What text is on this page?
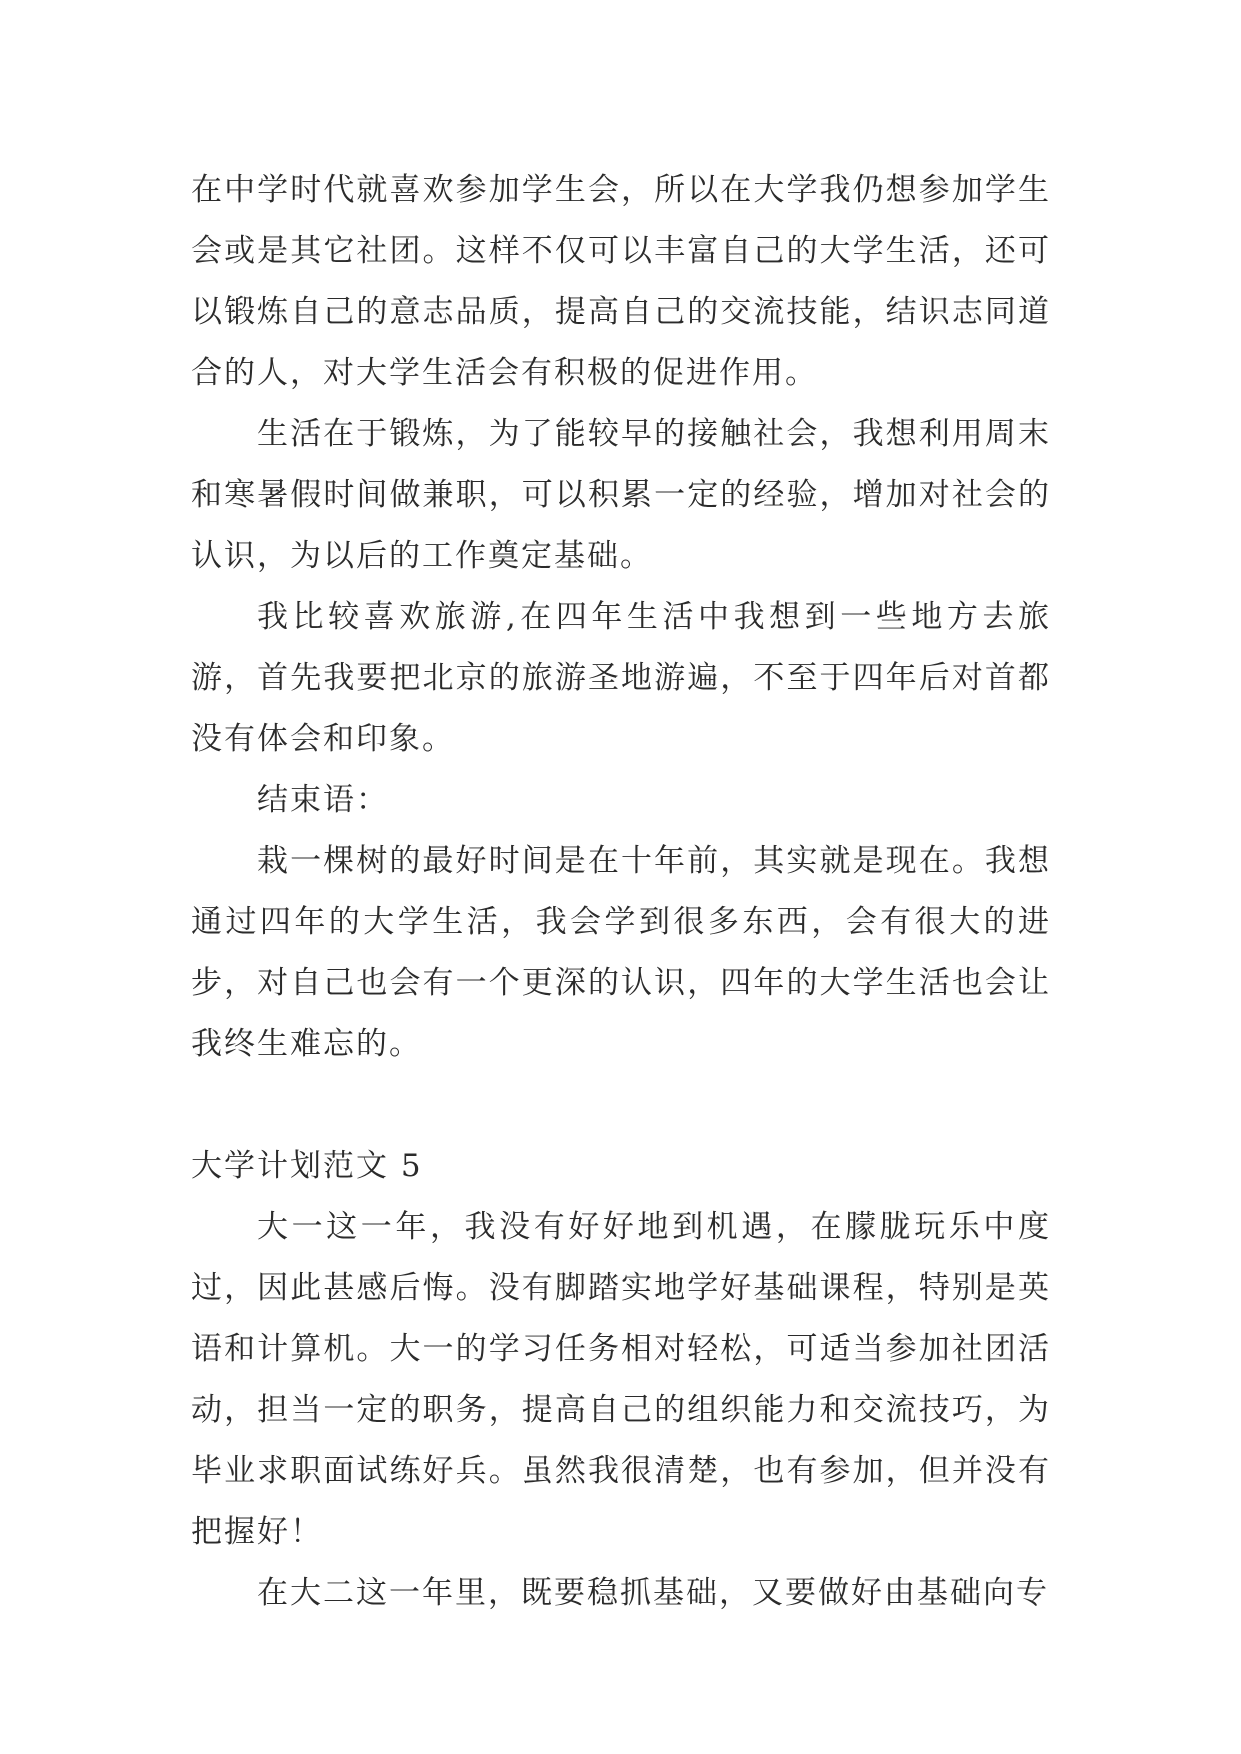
在中学时代就喜欢参加学生会，所以在大学我仍想参加学生会或是其它社团。这样不仅可以丰富自己的大学生活，还可以锻炼自己的意志品质，提高自己的交流技能，结识志同道合的人，对大学生活会有积极的促进作用。

生活在于锻炼，为了能较早的接触社会，我想利用周末和寒暑假时间做兼职，可以积累一定的经验，增加对社会的认识，为以后的工作奠定基础。

我比较喜欢旅游,在四年生活中我想到一些地方去旅游，首先我要把北京的旅游圣地游遍，不至于四年后对首都没有体会和印象。

结束语：

栽一棵树的最好时间是在十年前，其实就是现在。我想通过四年的大学生活，我会学到很多东西，会有很大的进步，对自己也会有一个更深的认识，四年的大学生活也会让我终生难忘的。

大学计划范文 5

大一这一年，我没有好好地到机遇，在朦胧玩乐中度过，因此甚感后悔。没有脚踏实地学好基础课程，特别是英语和计算机。大一的学习任务相对轻松，可适当参加社团活动，担当一定的职务，提高自己的组织能力和交流技巧，为毕业求职面试练好兵。虽然我很清楚，也有参加，但并没有把握好！

在大二这一年里，既要稳抓基础，又要做好由基础向专
